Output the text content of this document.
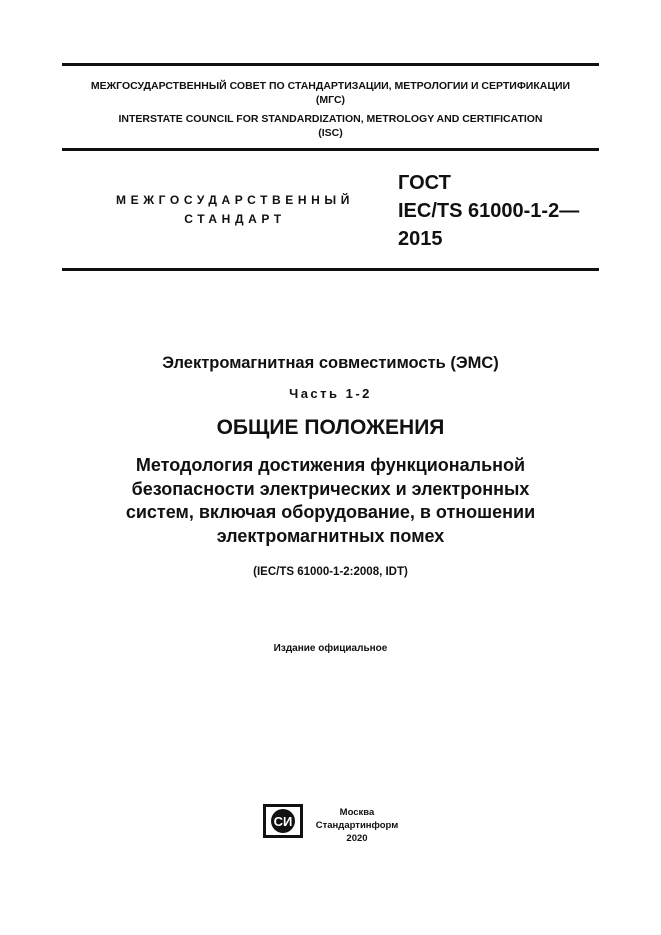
МЕЖГОСУДАРСТВЕННЫЙ СОВЕТ ПО СТАНДАРТИЗАЦИИ, МЕТРОЛОГИИ И СЕРТИФИКАЦИИ
(МГС)
INTERSTATE COUNCIL FOR STANDARDIZATION, METROLOGY AND CERTIFICATION
(ISC)
МЕЖГОСУДАРСТВЕННЫЙ
СТАНДАРТ
ГОСТ
IEC/TS 61000-1-2—
2015
Электромагнитная совместимость (ЭМС)
Часть 1-2
ОБЩИЕ ПОЛОЖЕНИЯ
Методология достижения функциональной
безопасности электрических и электронных
систем, включая оборудование, в отношении
электромагнитных помех
(IEC/TS 61000-1-2:2008, IDT)
Издание официальное
СИ
Москва
Стандартинформ
2020
